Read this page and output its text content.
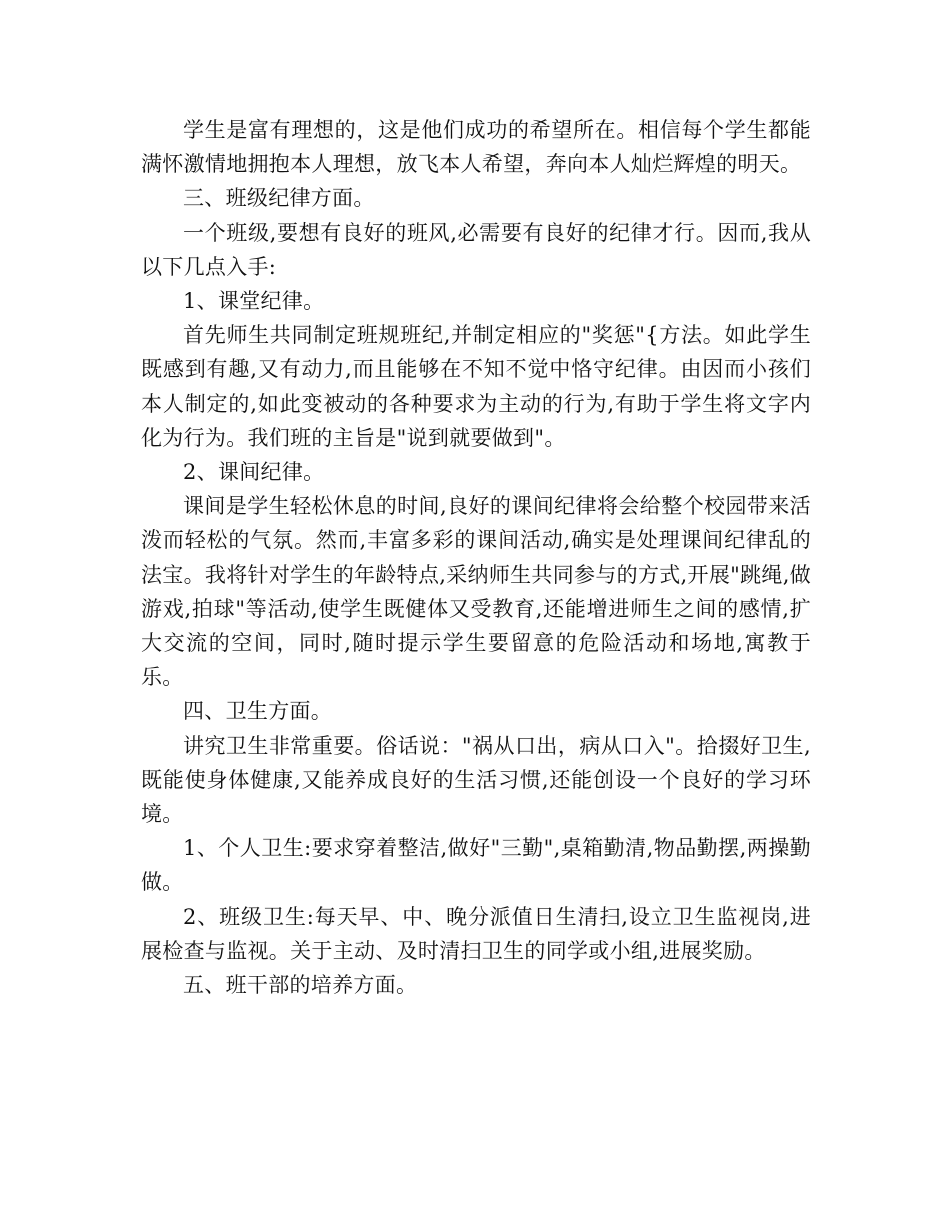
学生是富有理想的，这是他们成功的希望所在。相信每个学生都能满怀激情地拥抱本人理想，放飞本人希望，奔向本人灿烂辉煌的明天。

三、班级纪律方面。

一个班级,要想有良好的班风,必需要有良好的纪律才行。因而,我从以下几点入手:

1、课堂纪律。

首先师生共同制定班规班纪,并制定相应的"奖惩"{方法。如此学生既感到有趣,又有动力,而且能够在不知不觉中恪守纪律。由因而小孩们本人制定的,如此变被动的各种要求为主动的行为,有助于学生将文字内化为行为。我们班的主旨是"说到就要做到"。

2、课间纪律。

课间是学生轻松休息的时间,良好的课间纪律将会给整个校园带来活泼而轻松的气氛。然而,丰富多彩的课间活动,确实是处理课间纪律乱的法宝。我将针对学生的年龄特点,采纳师生共同参与的方式,开展"跳绳,做游戏,拍球"等活动,使学生既健体又受教育,还能增进师生之间的感情,扩大交流的空间，同时,随时提示学生要留意的危险活动和场地,寓教于乐。

四、卫生方面。

讲究卫生非常重要。俗话说："祸从口出，病从口入"。拾掇好卫生,既能使身体健康,又能养成良好的生活习惯,还能创设一个良好的学习环境。

1、个人卫生:要求穿着整洁,做好"三勤",桌箱勤清,物品勤摆,两操勤做。

2、班级卫生:每天早、中、晚分派值日生清扫,设立卫生监视岗,进展检查与监视。关于主动、及时清扫卫生的同学或小组,进展奖励。

五、班干部的培养方面。
